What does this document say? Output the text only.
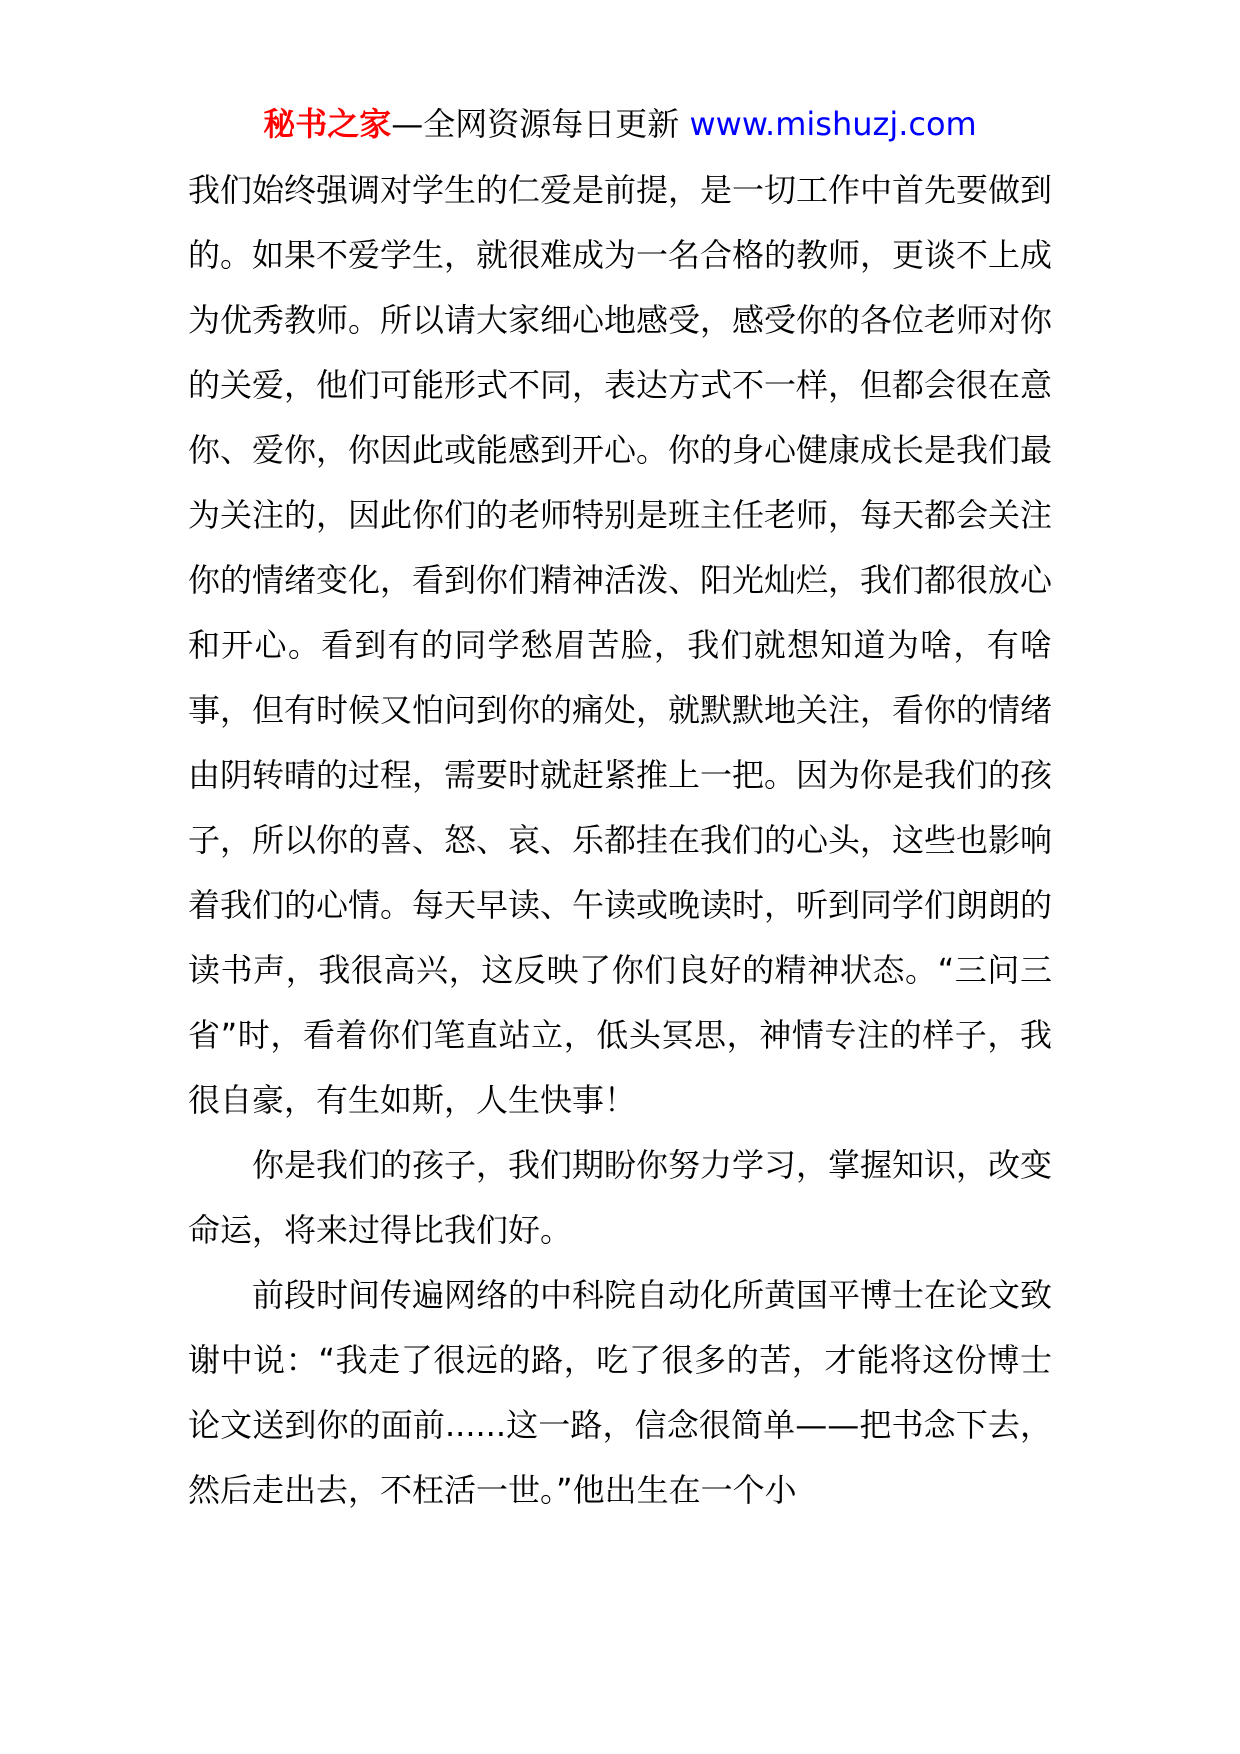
秘书之家—全网资源每日更新 www.mishuzj.com

我们始终强调对学生的仁爱是前提，是一切工作中首先要做到的。如果不爱学生，就很难成为一名合格的教师，更谈不上成为优秀教师。所以请大家细心地感受，感受你的各位老师对你的关爱，他们可能形式不同，表达方式不一样，但都会很在意你、爱你，你因此或能感到开心。你的身心健康成长是我们最为关注的，因此你们的老师特别是班主任老师，每天都会关注你的情绪变化，看到你们精神活泼、阳光灿烂，我们都很放心和开心。看到有的同学愁眉苦脸，我们就想知道为啥，有啥事，但有时候又怕问到你的痛处，就默默地关注，看你的情绪由阴转晴的过程，需要时就赶紧推上一把。因为你是我们的孩子，所以你的喜、怒、哀、乐都挂在我们的心头，这些也影响着我们的心情。每天早读、午读或晚读时，听到同学们朗朗的读书声，我很高兴，这反映了你们良好的精神状态。“三问三省”时，看着你们笔直站立，低头冥思，神情专注的样子，我很自豪，有生如斯，人生快事！

你是我们的孩子，我们期盼你努力学习，掌握知识，改变命运，将来过得比我们好。

前段时间传遍网络的中科院自动化所黄国平博士在论文致谢中说：“我走了很远的路，吃了很多的苦，才能将这份博士论文送到你的面前......这一路，信念很简单——把书念下去，然后走出去，不枉活一世。”他出生在一个小
